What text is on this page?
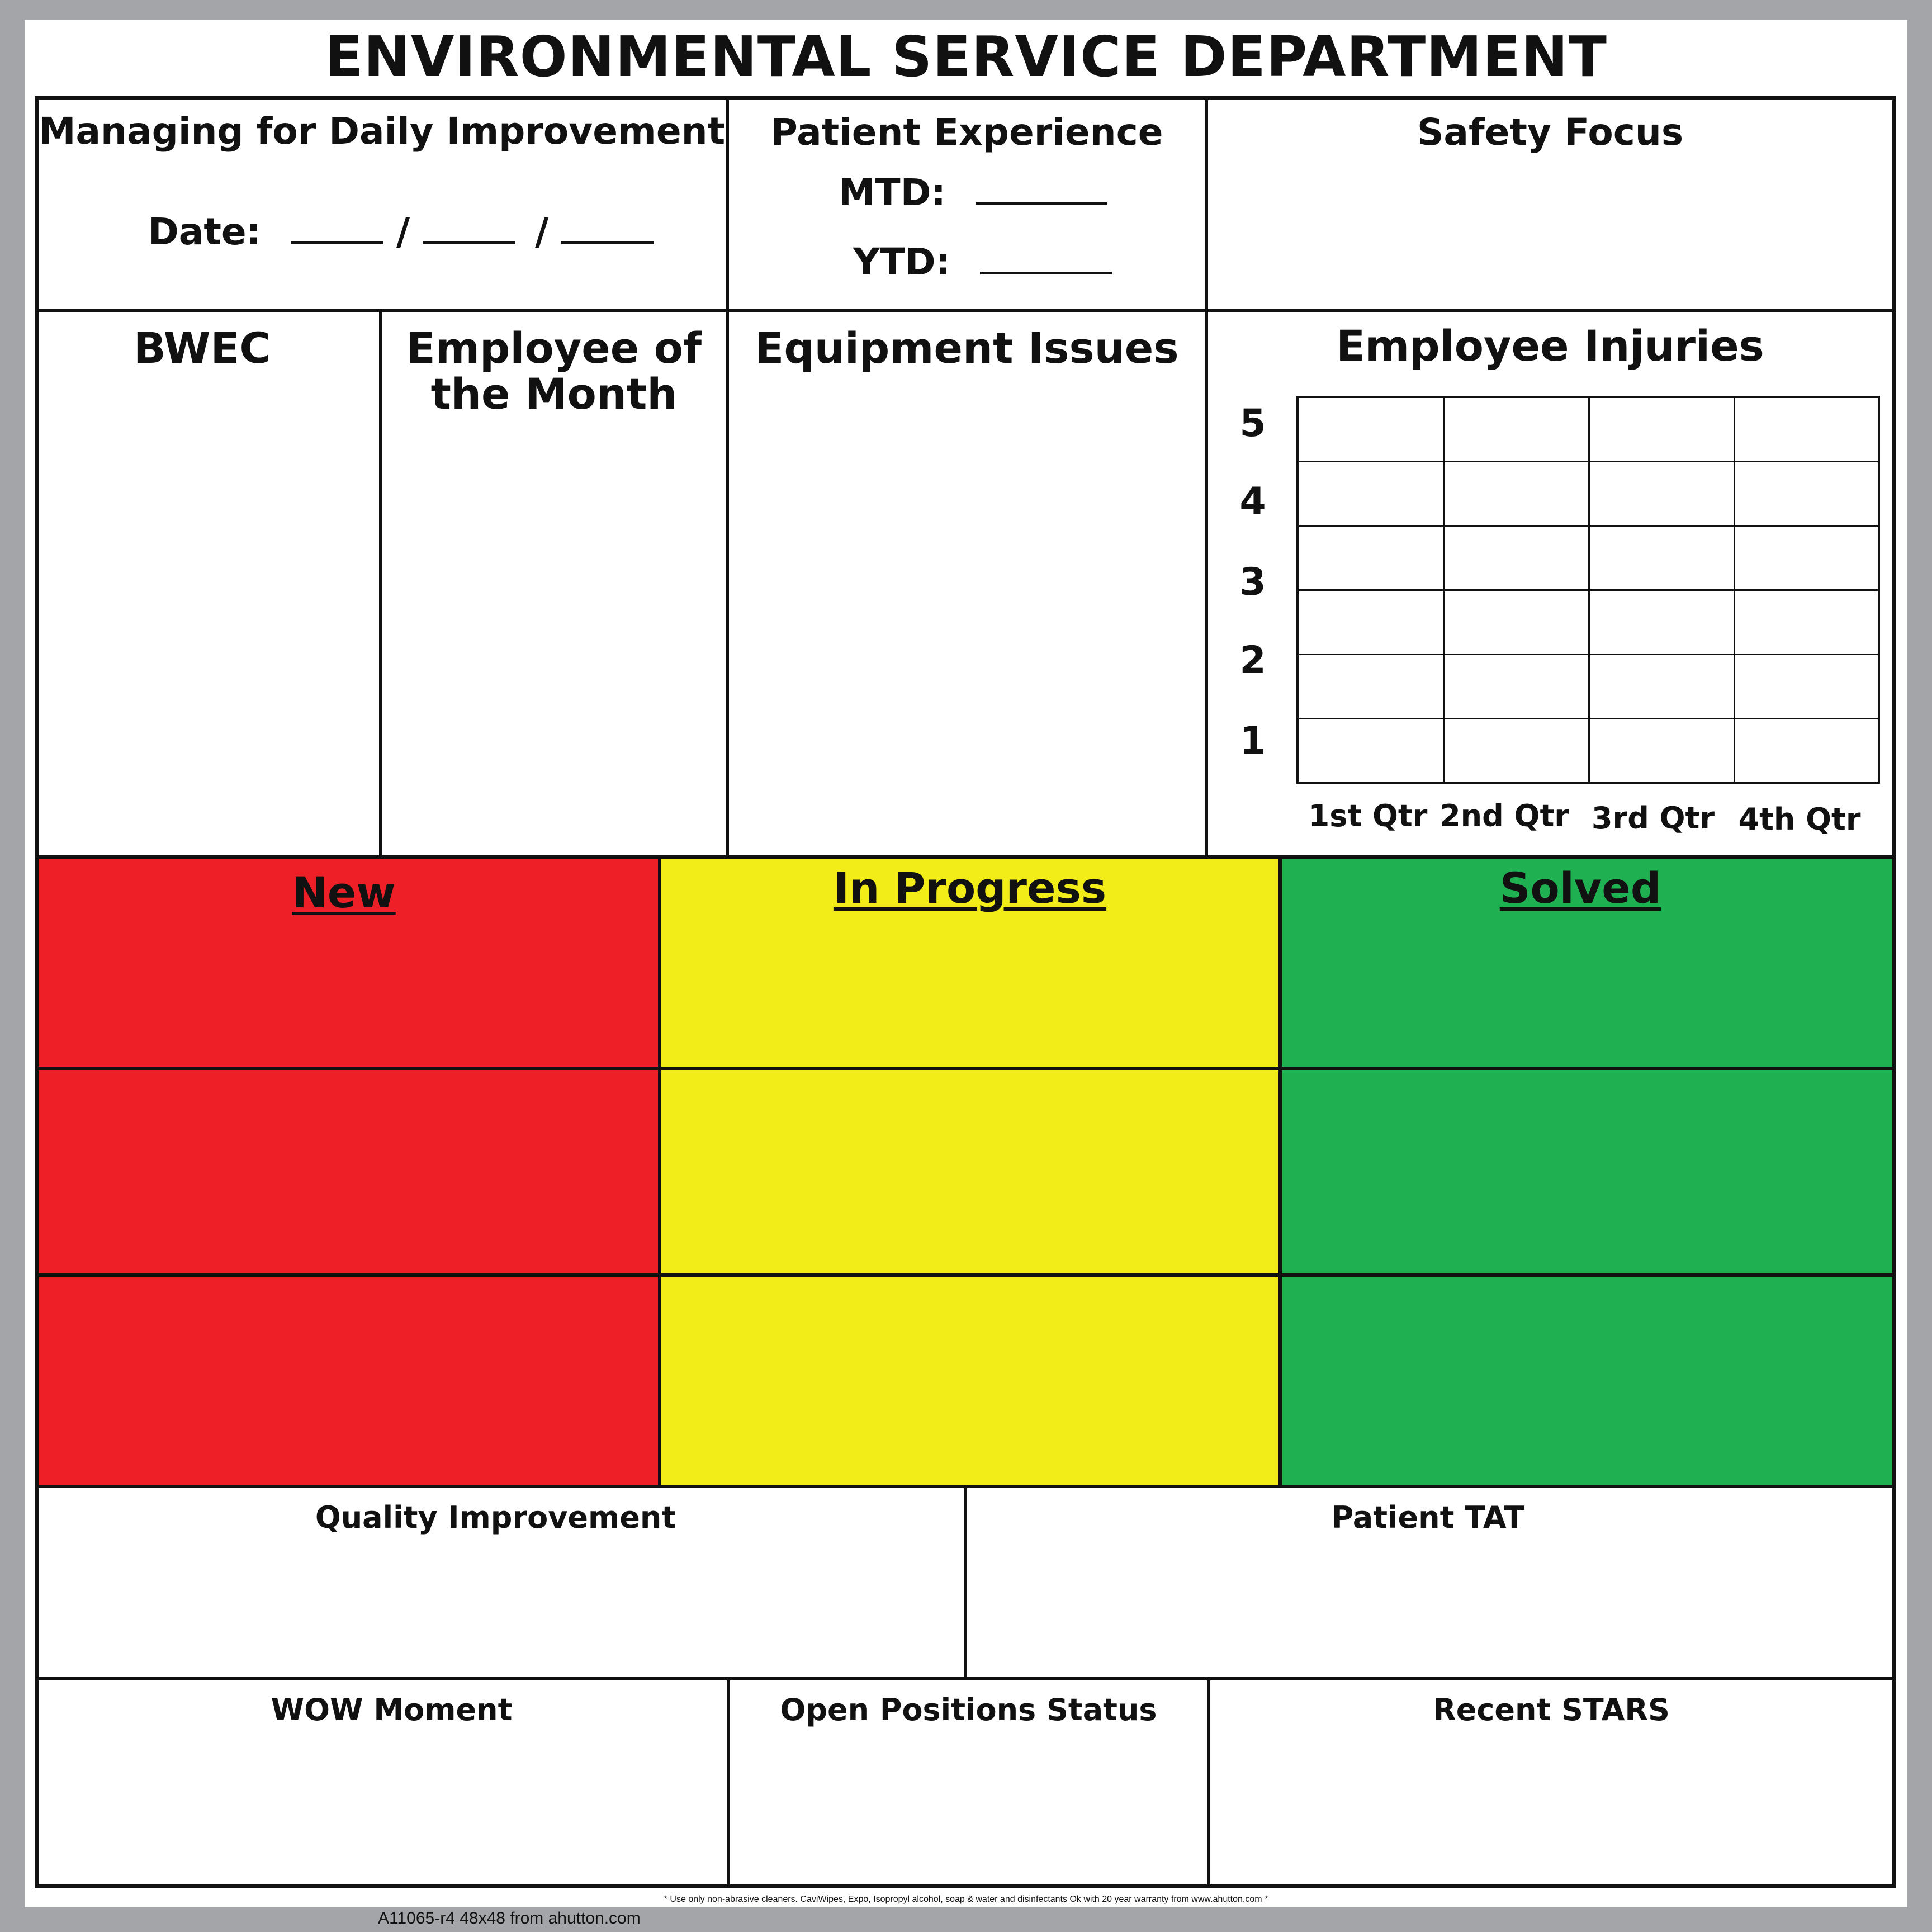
ENVIRONMENTAL SERVICE DEPARTMENT
Managing for Daily Improvement
Date:	/	/
Patient Experience
MTD:
YTD:
Safety Focus
BWEC	Employee of
the Month
Equipment Issues	Employee Injuries
5
4
3
2
1
1st Qtr 2nd Qtr 3rd Qtr 4th Qtr
New	In Progress	Solved
Quality Improvement	Patient TAT
WOW Moment	Open Positions Status	Recent STARS
* Use only non-abrasive cleaners. CaviWipes, Expo, Isopropyl alcohol, soap & water and disinfectants Ok with 20 year warranty from www.ahutton.com *
A11065-r4 48x48 from ahutton.com
